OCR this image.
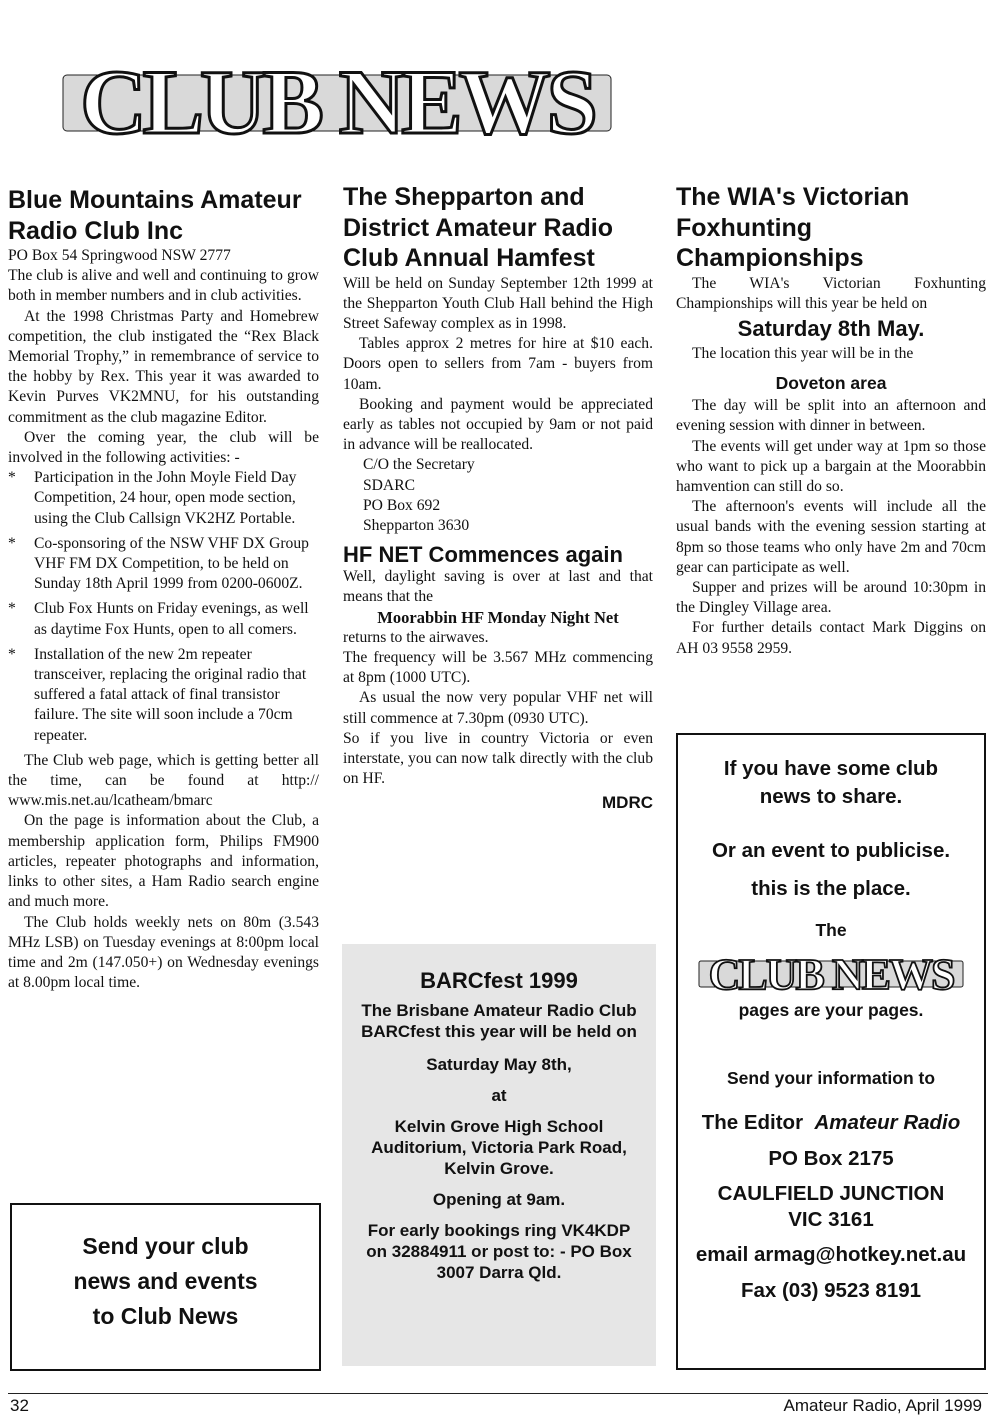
CLUB NEWS
Blue Mountains Amateur Radio Club Inc

PO Box 54 Springwood NSW 2777

The club is alive and well and continuing to grow both in member numbers and in club activities.

At the 1998 Christmas Party and Homebrew competition, the club instigated the “Rex Black Memorial Trophy,” in remembrance of service to the hobby by Rex. This year it was awarded to Kevin Purves VK2MNU, for his outstanding commitment as the club magazine Editor.

Over the coming year, the club will be involved in the following activities: -

* Participation in the John Moyle Field Day Competition, 24 hour, open mode section, using the Club Callsign VK2HZ Portable.
* Co-sponsoring of the NSW VHF DX Group VHF FM DX Competition, to be held on Sunday 18th April 1999 from 0200-0600Z.
* Club Fox Hunts on Friday evenings, as well as daytime Fox Hunts, open to all comers.
* Installation of the new 2m repeater transceiver, replacing the original radio that suffered a fatal attack of final transistor failure. The site will soon include a 70cm repeater.

The Club web page, which is getting better all the time, can be found at http:// www.mis.net.au/lcatheam/bmarc

On the page is information about the Club, a membership application form, Philips FM900 articles, repeater photographs and information, links to other sites, a Ham Radio search engine and much more.

The Club holds weekly nets on 80m (3.543 MHz LSB) on Tuesday evenings at 8:00pm local time and 2m (147.050+) on Wednesday evenings at 8.00pm local time.

Send your club
news and events
to Club News
The Shepparton and District Amateur Radio Club Annual Hamfest

Will be held on Sunday September 12th 1999 at the Shepparton Youth Club Hall behind the High Street Safeway complex as in 1998.

Tables approx 2 metres for hire at $10 each. Doors open to sellers from 7am - buyers from 10am.

Booking and payment would be appreciated early as tables not occupied by 9am or not paid in advance will be reallocated.

C/O the Secretary
SDARC
PO Box 692
Shepparton 3630
HF NET Commences again

Well, daylight saving is over at last and that means that the

Moorabbin HF Monday Night Net

returns to the airwaves.

The frequency will be 3.567 MHz commencing at 8pm (1000 UTC).

As usual the now very popular VHF net will still commence at 7.30pm (0930 UTC).

So if you live in country Victoria or even interstate, you can now talk directly with the club on HF.

MDRC
BARCfest 1999
The Brisbane Amateur Radio Club BARCfest this year will be held on
Saturday May 8th,
at
Kelvin Grove High School Auditorium, Victoria Park Road, Kelvin Grove.
Opening at 9am.
For early bookings ring VK4KDP on 32884911 or post to: - PO Box 3007 Darra Qld.
The WIA's Victorian Foxhunting Championships

The WIA's Victorian Foxhunting Championships will this year be held on

Saturday 8th May.

The location this year will be in the

Doveton area

The day will be split into an afternoon and evening session with dinner in between.

The events will get under way at 1pm so those who want to pick up a bargain at the Moorabbin hamvention can still do so.

The afternoon's events will include all the usual bands with the evening session starting at 8pm so those teams who only have 2m and 70cm gear can participate as well.

Supper and prizes will be around 10:30pm in the Dingley Village area.

For further details contact Mark Diggins on AH 03 9558 2959.

If you have some club news to share.
Or an event to publicise.
this is the place.
The
CLUB NEWS
pages are your pages.
Send your information to
The Editor Amateur Radio
PO Box 2175
CAULFIELD JUNCTION
VIC 3161
email armag@hotkey.net.au
Fax (03) 9523 8191
32	Amateur Radio, April 1999
